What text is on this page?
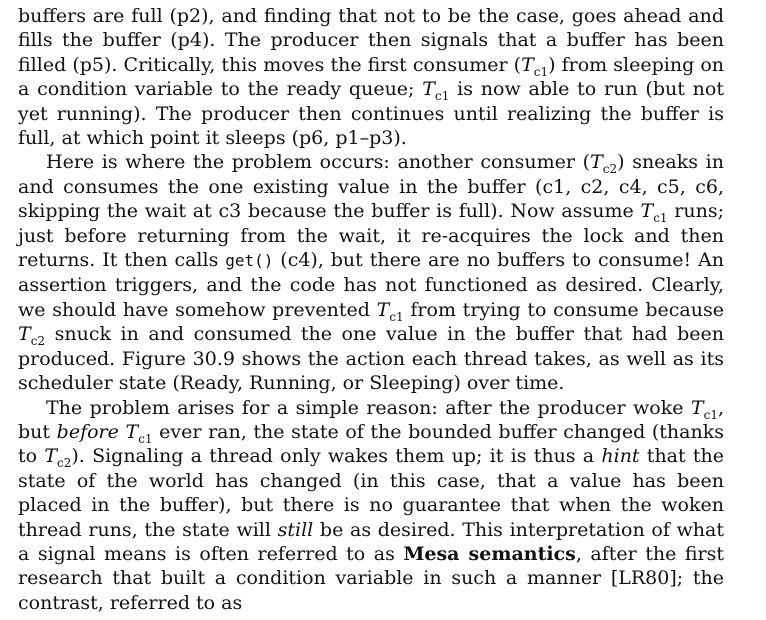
buffers are full (p2), and finding that not to be the case, goes ahead and fills the buffer (p4). The producer then signals that a buffer has been filled (p5). Critically, this moves the first consumer $(T_{c1})$ from sleeping on a condition variable to the ready queue; $T_{c1}$ is now able to run (but not yet running). The producer then continues until realizing the buffer is full, at which point it sleeps (p6, p1–p3).

Here is where the problem occurs: another consumer $(T_{c2})$ sneaks in and consumes the one existing value in the buffer (c1, c2, c4, c5, c6, skipping the wait at c3 because the buffer is full). Now assume $T_{c1}$ runs; just before returning from the wait, it re-acquires the lock and then returns. It then calls get() (c4), but there are no buffers to consume! An assertion triggers, and the code has not functioned as desired. Clearly, we should have somehow prevented $T_{c1}$ from trying to consume because $T_{c2}$ snuck in and consumed the one value in the buffer that had been produced. Figure 30.9 shows the action each thread takes, as well as its scheduler state (Ready, Running, or Sleeping) over time.

The problem arises for a simple reason: after the producer woke $T_{c1}$, but before $T_{c1}$ ever ran, the state of the bounded buffer changed (thanks to $T_{c2}$). Signaling a thread only wakes them up; it is thus a hint that the state of the world has changed (in this case, that a value has been placed in the buffer), but there is no guarantee that when the woken thread runs, the state will still be as desired. This interpretation of what a signal means is often referred to as Mesa semantics, after the first research that built a condition variable in such a manner [LR80]; the contrast, referred to as
